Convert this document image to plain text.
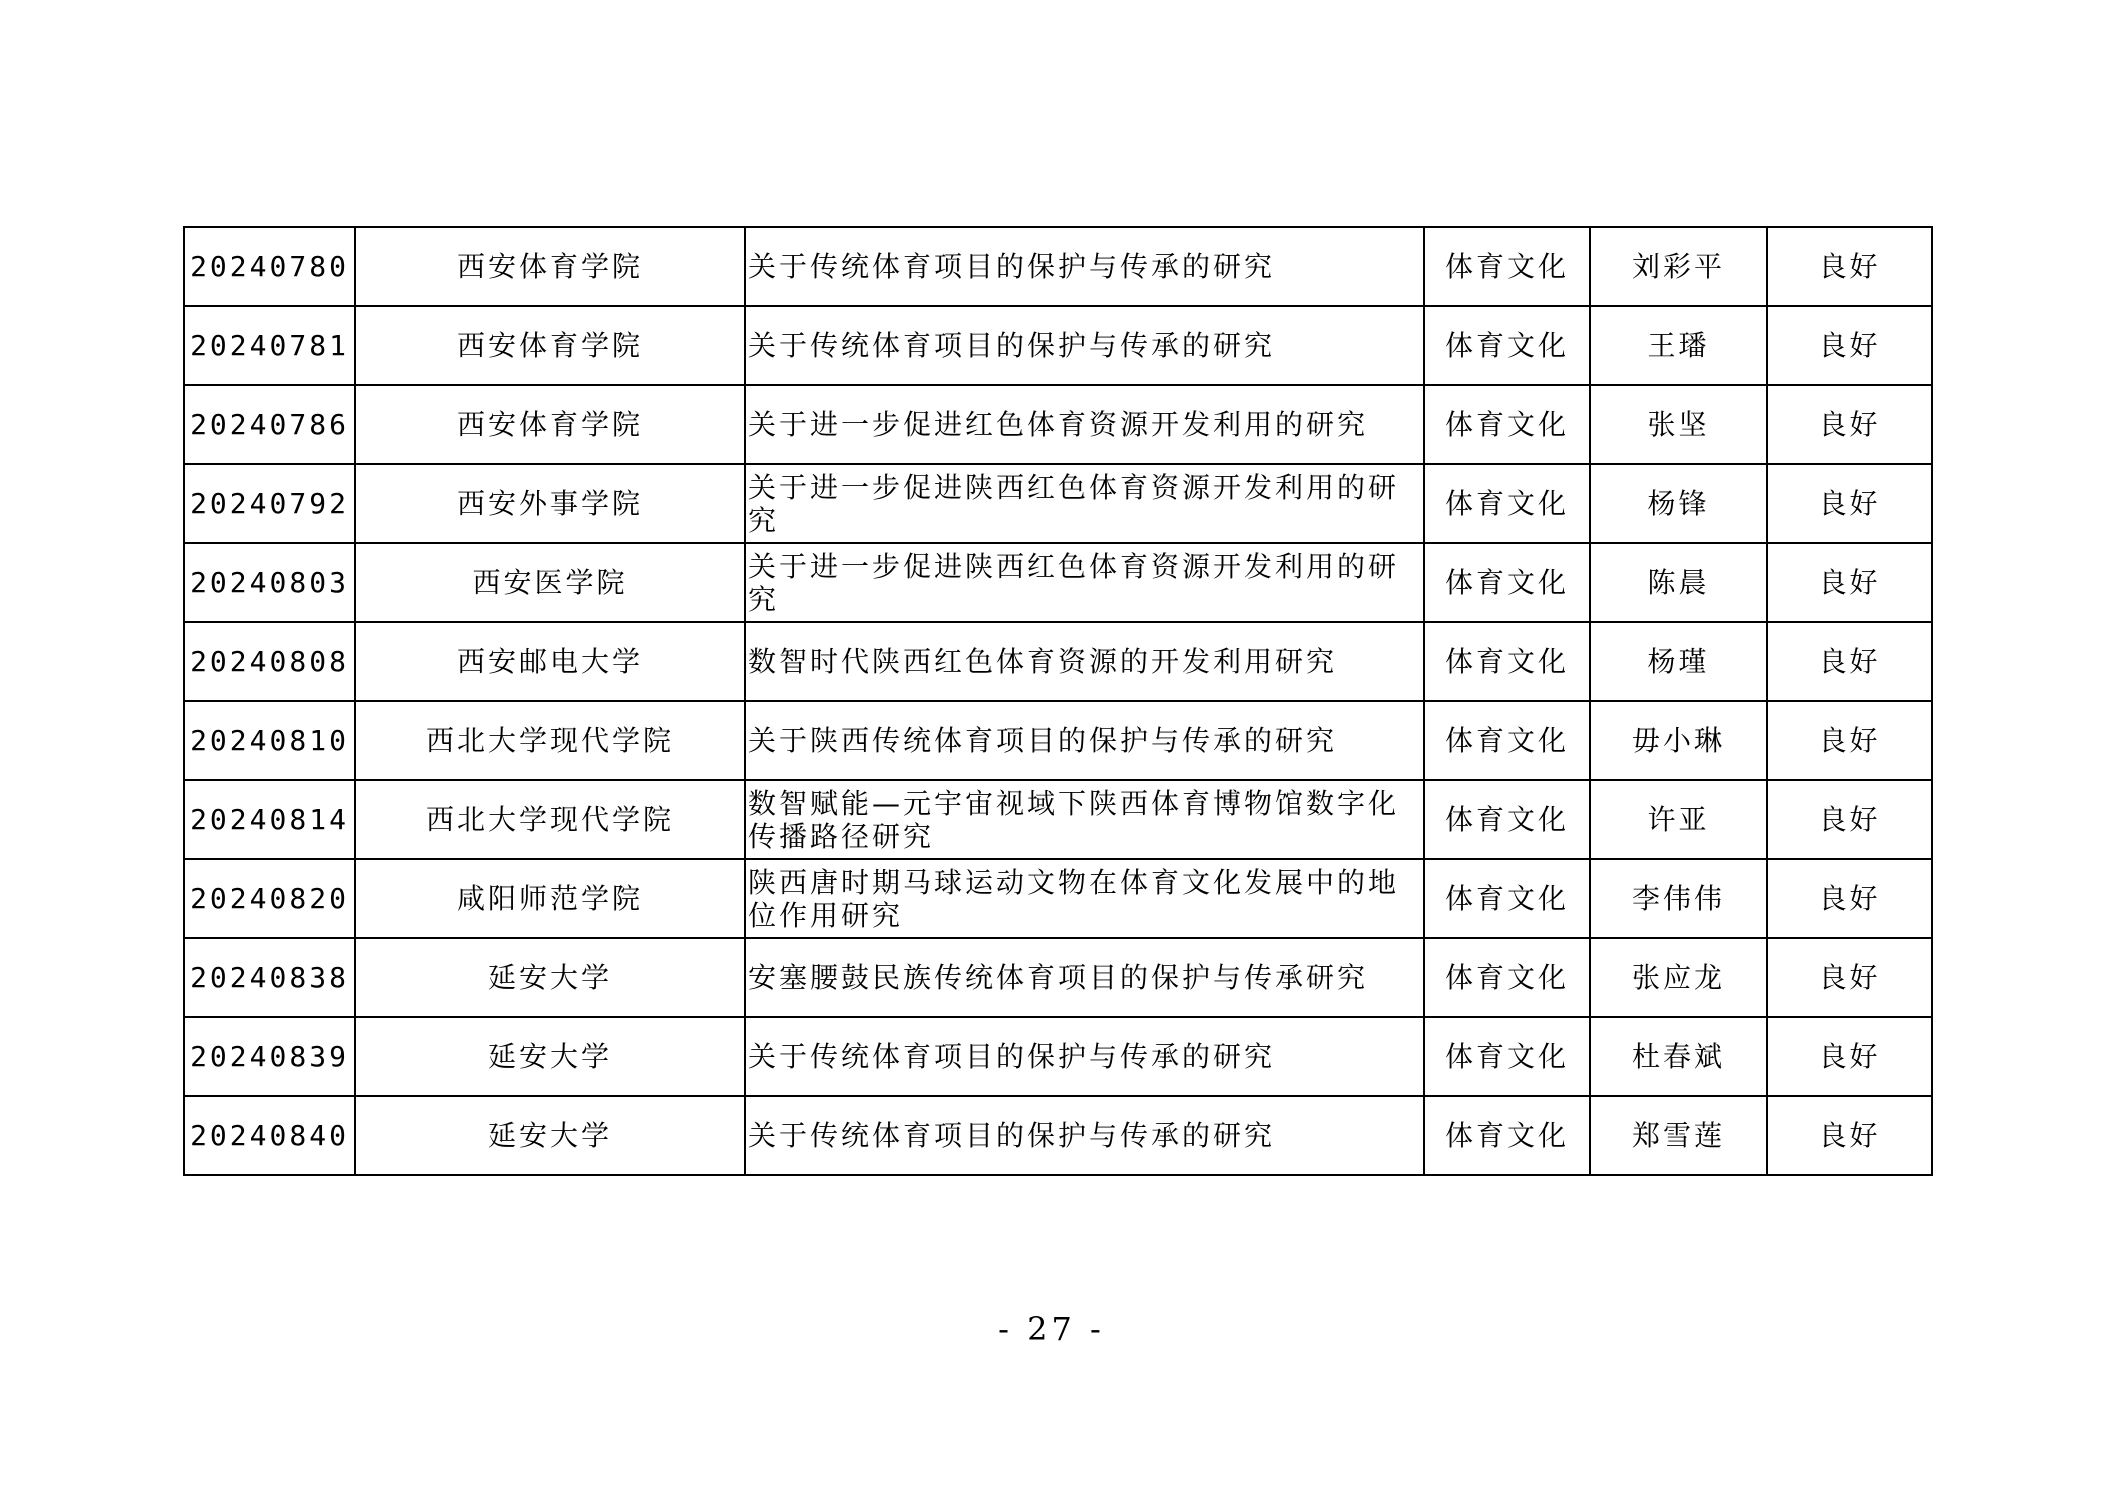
20240780	西安体育学院	关于传统体育项目的保护与传承的研究	体育文化	刘彩平	良好
20240781	西安体育学院	关于传统体育项目的保护与传承的研究	体育文化	王璠	良好
20240786	西安体育学院	关于进一步促进红色体育资源开发利用的研究	体育文化	张坚	良好
20240792	西安外事学院	关于进一步促进陕西红色体育资源开发利用的研究	体育文化	杨锋	良好
20240803	西安医学院	关于进一步促进陕西红色体育资源开发利用的研究	体育文化	陈晨	良好
20240808	西安邮电大学	数智时代陕西红色体育资源的开发利用研究	体育文化	杨瑾	良好
20240810	西北大学现代学院	关于陕西传统体育项目的保护与传承的研究	体育文化	毋小琳	良好
20240814	西北大学现代学院	数智赋能—元宇宙视域下陕西体育博物馆数字化传播路径研究	体育文化	许亚	良好
20240820	咸阳师范学院	陕西唐时期马球运动文物在体育文化发展中的地位作用研究	体育文化	李伟伟	良好
20240838	延安大学	安塞腰鼓民族传统体育项目的保护与传承研究	体育文化	张应龙	良好
20240839	延安大学	关于传统体育项目的保护与传承的研究	体育文化	杜春斌	良好
20240840	延安大学	关于传统体育项目的保护与传承的研究	体育文化	郑雪莲	良好
- 27 -
